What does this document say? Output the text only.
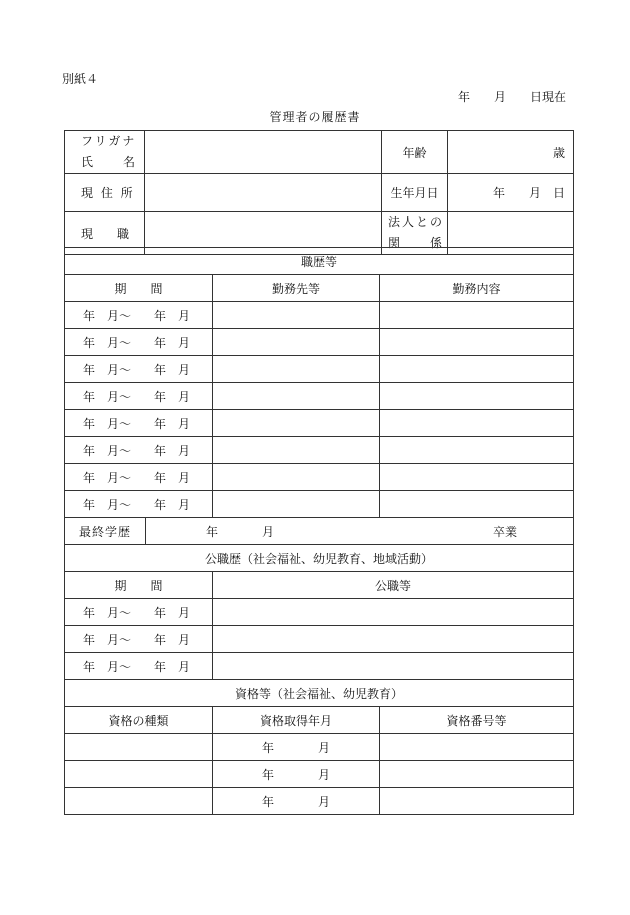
別紙４
年　　月　　日現在
管理者の履歴書
フリガナ
氏　　名		年齢	歳
現 住 所		生年月日	年　　月　日
現　　職		法人との
関　　係	

職歴等		
期　　間	勤務先等	勤務内容

年　月～ 年　月		

年　月～ 年　月		

年　月～ 年　月		

年　月～ 年　月		

年　月～ 年　月		

年　月～ 年　月		

年　月～ 年　月		

年　月～ 年　月		

最終学歴 年 月 卒業		

公職歴（社会福祉、幼児教育、地域活動）		
期　　間	公職等	

年　月～ 年　月		

年　月～ 年　月		

年　月～ 年　月		

資格等（社会福祉、幼児教育）		
資格の種類	資格取得年月	資格番号等

	年 月	

	年 月	

	年 月	
